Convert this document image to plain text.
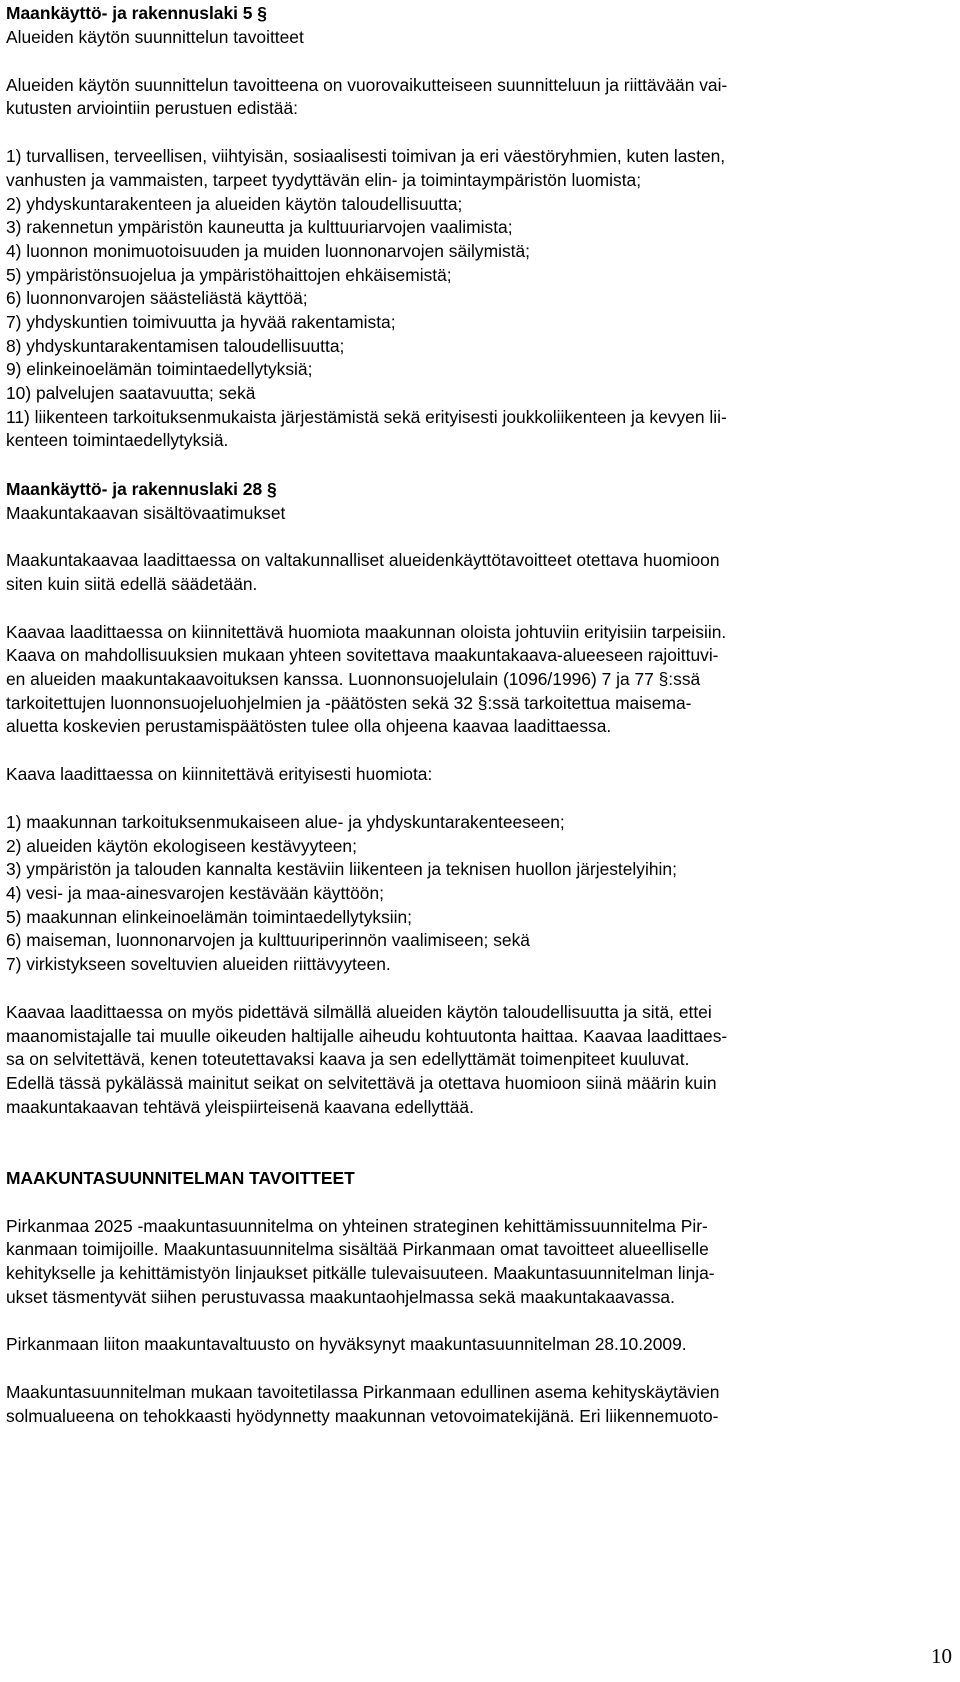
Maankäyttö- ja rakennuslaki 5 §
Alueiden käytön suunnittelun tavoitteet
Alueiden käytön suunnittelun tavoitteena on vuorovaikutteiseen suunnitteluun ja riittävään vai-
kutusten arviointiin perustuen edistää:
1) turvallisen, terveellisen, viihtyisän, sosiaalisesti toimivan ja eri väestöryhmien, kuten lasten,
vanhusten ja vammaisten, tarpeet tyydyttävän elin- ja toimintaympäristön luomista;
2) yhdyskuntarakenteen ja alueiden käytön taloudellisuutta;
3) rakennetun ympäristön kauneutta ja kulttuuriarvojen vaalimista;
4) luonnon monimuotoisuuden ja muiden luonnonarvojen säilymistä;
5) ympäristönsuojelua ja ympäristöhaittojen ehkäisemistä;
6) luonnonvarojen säästeliästä käyttöä;
7) yhdyskuntien toimivuutta ja hyvää rakentamista;
8) yhdyskuntarakentamisen taloudellisuutta;
9) elinkeinoelämän toimintaedellytyksiä;
10) palvelujen saatavuutta; sekä
11) liikenteen tarkoituksenmukaista järjestämistä sekä erityisesti joukkoliikenteen ja kevyen lii-
kenteen toimintaedellytyksiä.
Maankäyttö- ja rakennuslaki 28 §
Maakuntakaavan sisältövaatimukset
Maakuntakaavaa laadittaessa on valtakunnalliset alueidenkäyttötavoitteet otettava huomioon
siten kuin siitä edellä säädetään.
Kaavaa laadittaessa on kiinnitettävä huomiota maakunnan oloista johtuviin erityisiin tarpeisiin.
Kaava on mahdollisuuksien mukaan yhteen sovitettava maakuntakaava-alueeseen rajoittuvi-
en alueiden maakuntakaavoituksen kanssa. Luonnonsuojelulain (1096/1996) 7 ja 77 §:ssä
tarkoitettujen luonnonsuojeluohjelmien ja -päätösten sekä 32 §:ssä tarkoitettua maisema-
aluetta koskevien perustamispäätösten tulee olla ohjeena kaavaa laadittaessa.
Kaava laadittaessa on kiinnitettävä erityisesti huomiota:
1) maakunnan tarkoituksenmukaiseen alue- ja yhdyskuntarakenteeseen;
2) alueiden käytön ekologiseen kestävyyteen;
3) ympäristön ja talouden kannalta kestäviin liikenteen ja teknisen huollon järjestelyihin;
4) vesi- ja maa-ainesvarojen kestävään käyttöön;
5) maakunnan elinkeinoelämän toimintaedellytyksiin;
6) maiseman, luonnonarvojen ja kulttuuriperinnön vaalimiseen; sekä
7) virkistykseen soveltuvien alueiden riittävyyteen.
Kaavaa laadittaessa on myös pidettävä silmällä alueiden käytön taloudellisuutta ja sitä, ettei
maanomistajalle tai muulle oikeuden haltijalle aiheudu kohtuutonta haittaa. Kaavaa laadittaes-
sa on selvitettävä, kenen toteutettavaksi kaava ja sen edellyttämät toimenpiteet kuuluvat.
Edellä tässä pykälässä mainitut seikat on selvitettävä ja otettava huomioon siinä määrin kuin
maakuntakaavan tehtävä yleispiirteisenä kaavana edellyttää.
MAAKUNTASUUNNITELMAN TAVOITTEET
Pirkanmaa 2025 -maakuntasuunnitelma on yhteinen strateginen kehittämissuunnitelma Pir-
kanmaan toimijoille. Maakuntasuunnitelma sisältää Pirkanmaan omat tavoitteet alueelliselle
kehitykselle ja kehittämistyön linjaukset pitkälle tulevaisuuteen. Maakuntasuunnitelman linja-
ukset täsmentyvät siihen perustuvassa maakuntaohjelmassa sekä maakuntakaavassa.
Pirkanmaan liiton maakuntavaltuusto on hyväksynyt maakuntasuunnitelman 28.10.2009.
Maakuntasuunnitelman mukaan tavoitetilassa Pirkanmaan edullinen asema kehityskäytävien
solmualueena on tehokkaasti hyödynnetty maakunnan vetovoimatekijänä. Eri liikennemuoto-
10
